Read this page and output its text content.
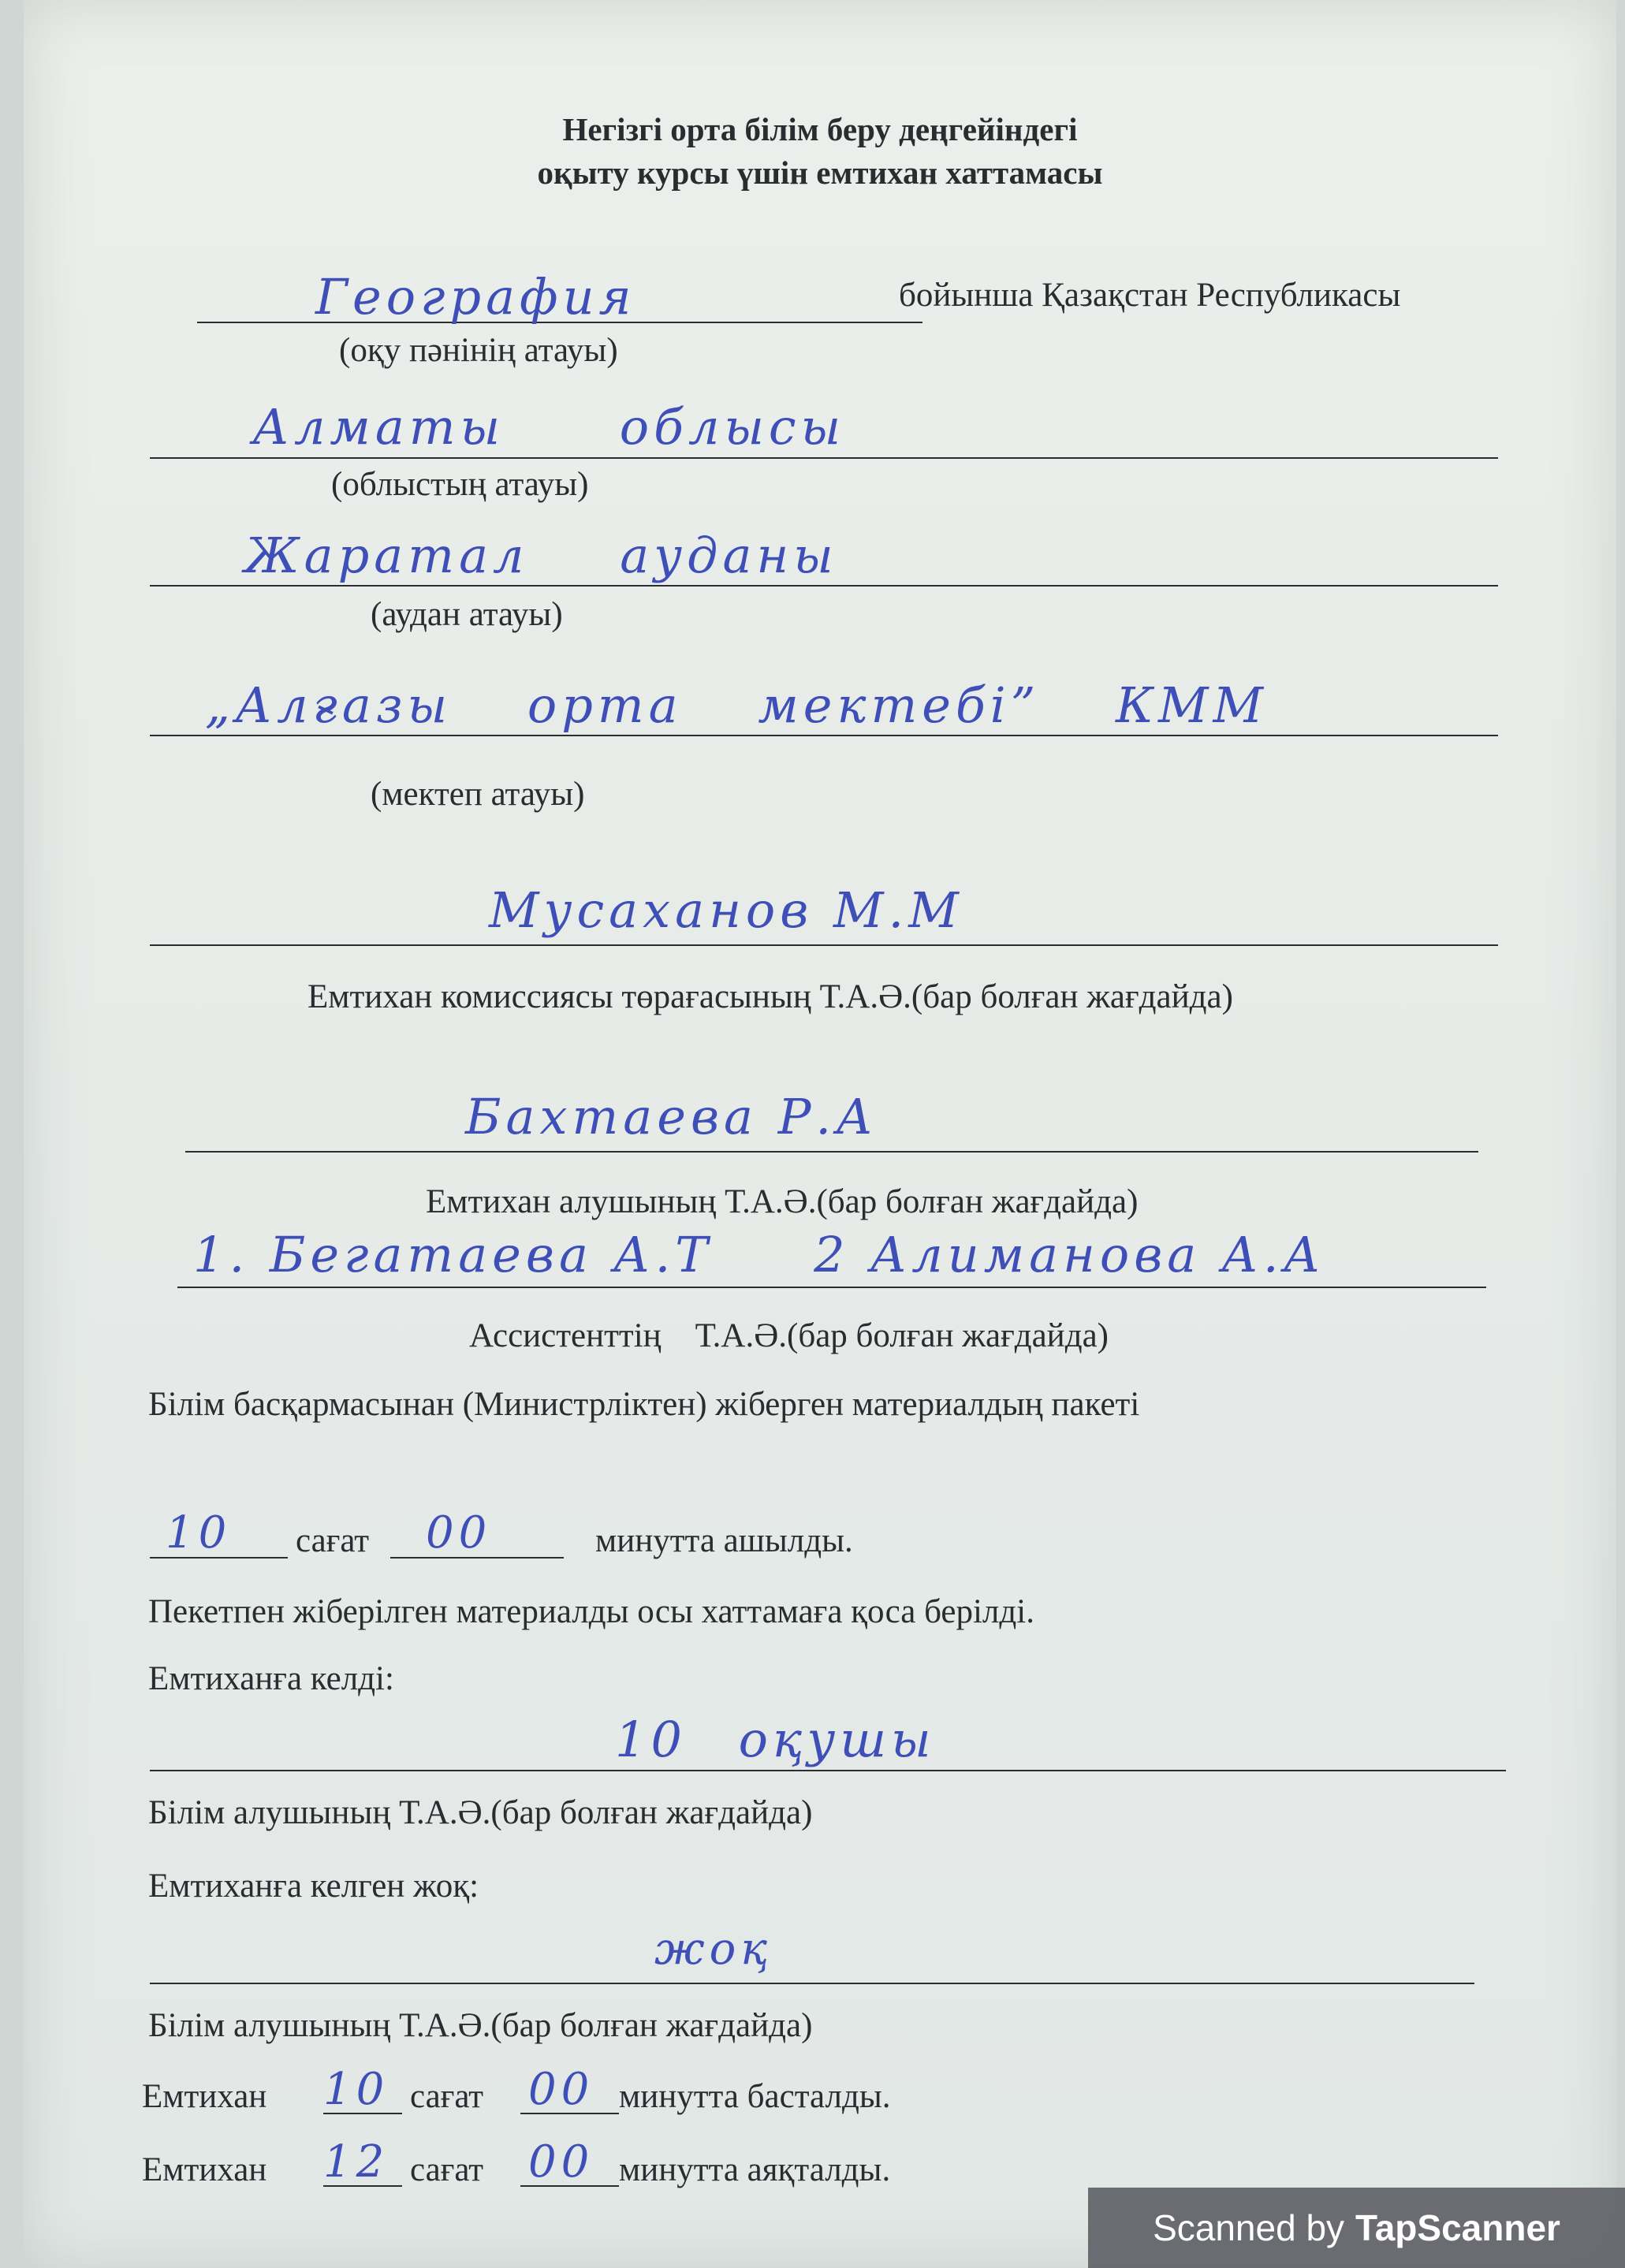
Негізгі орта білім беру деңгейіндегі
оқыту курсы үшін емтихан хаттамасы
География	бойынша Қазақстан Республикасы
(оқу пәнінің атауы)
Алматы облысы
(облыстың атауы)
Жаратал ауданы
(аудан атауы)
„Алғазы орта мектебі” КММ
(мектеп атауы)
Мусаханов М.М
Емтихан комиссиясы төрағасының Т.А.Ә.(бар болған жағдайда)
Бахтаева Р.А
Емтихан алушының Т.А.Ә.(бар болған жағдайда)
1. Бегатаева А.Т     2 Алиманова А.А
Ассистенттің    Т.А.Ә.(бар болған жағдайда)
Білім басқармасынан (Министрліктен) жіберген материалдың пакеті
10 сағат 00	минутта ашылды.
Пекетпен жіберілген материалды осы хаттамаға қоса берілді.
Емтиханға келді:
10 оқушы
Білім алушының Т.А.Ә.(бар болған жағдайда)
Емтиханға келген жоқ:
жоқ
Білім алушының Т.А.Ә.(бар болған жағдайда)
Емтихан 10 сағат 00 минутта басталды.
Емтихан 12 сағат 00 минутта аяқталды.
Scanned by TapScanner
